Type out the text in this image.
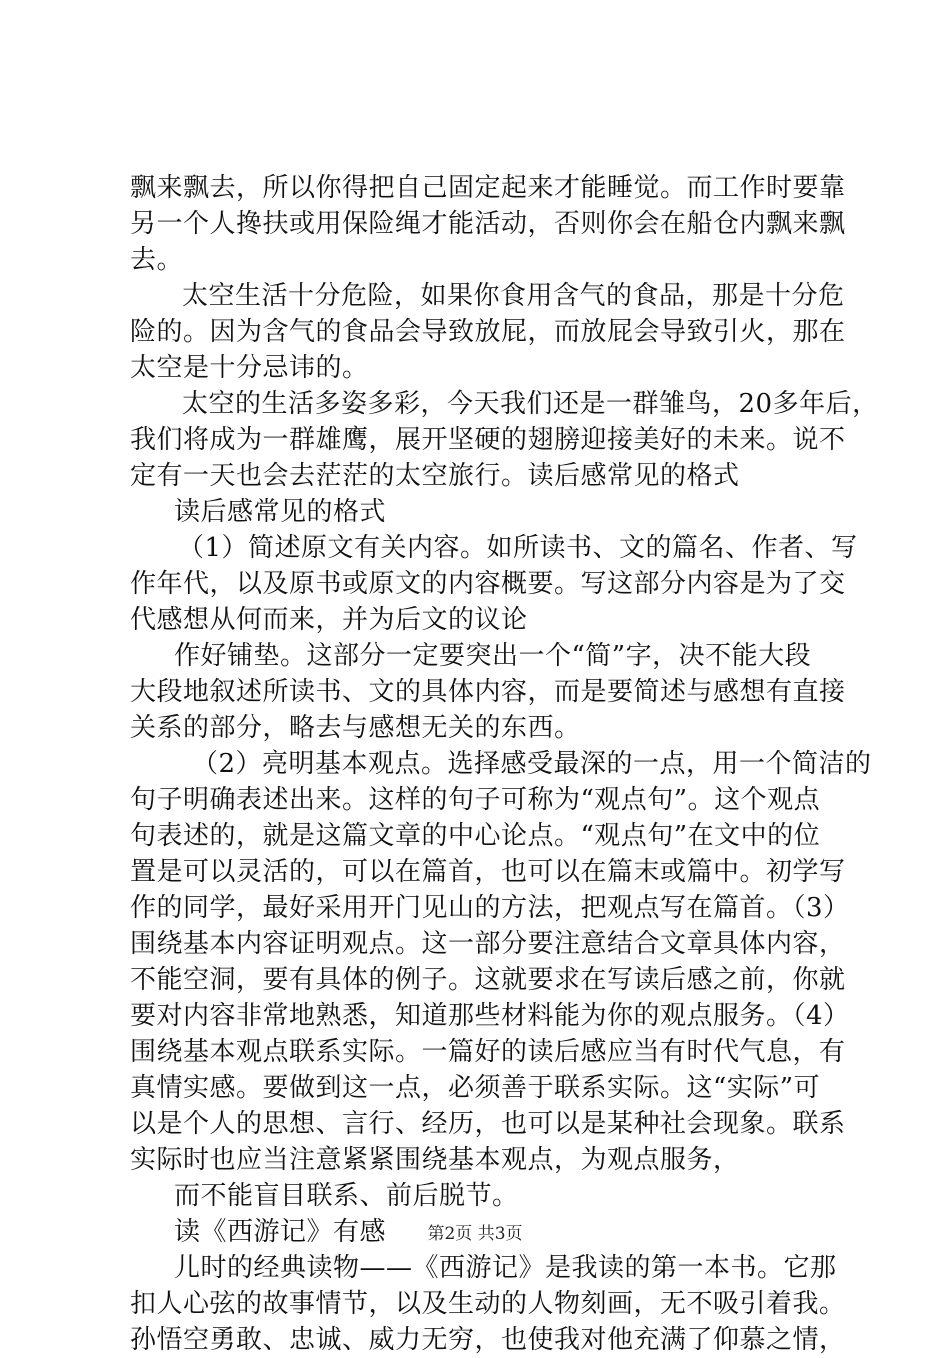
飘来飘去，所以你得把自己固定起来才能睡觉。而工作时要靠
另一个人搀扶或用保险绳才能活动，否则你会在船仓内飘来飘
去。
太空生活十分危险，如果你食用含气的食品，那是十分危
险的。因为含气的食品会导致放屁，而放屁会导致引火，那在
太空是十分忌讳的。
太空的生活多姿多彩，今天我们还是一群雏鸟，20多年后，
我们将成为一群雄鹰，展开坚硬的翅膀迎接美好的未来。说不
定有一天也会去茫茫的太空旅行。读后感常见的格式
读后感常见的格式
（1）简述原文有关内容。如所读书、文的篇名、作者、写
作年代，以及原书或原文的内容概要。写这部分内容是为了交
代感想从何而来，并为后文的议论
作好铺垫。这部分一定要突出一个“简”字，决不能大段
大段地叙述所读书、文的具体内容，而是要简述与感想有直接
关系的部分，略去与感想无关的东西。
（2）亮明基本观点。选择感受最深的一点，用一个简洁的
句子明确表述出来。这样的句子可称为“观点句”。这个观点
句表述的，就是这篇文章的中心论点。“观点句”在文中的位
置是可以灵活的，可以在篇首，也可以在篇末或篇中。初学写
作的同学，最好采用开门见山的方法，把观点写在篇首。（3）
围绕基本内容证明观点。这一部分要注意结合文章具体内容，
不能空洞，要有具体的例子。这就要求在写读后感之前，你就
要对内容非常地熟悉，知道那些材料能为你的观点服务。（4）
围绕基本观点联系实际。一篇好的读后感应当有时代气息，有
真情实感。要做到这一点，必须善于联系实际。这“实际”可
以是个人的思想、言行、经历，也可以是某种社会现象。联系
实际时也应当注意紧紧围绕基本观点，为观点服务，
而不能盲目联系、前后脱节。
读《西游记》有感
儿时的经典读物——《西游记》是我读的第一本书。它那
扣人心弦的故事情节，以及生动的人物刻画，无不吸引着我。
孙悟空勇敢、忠诚、威力无穷，也使我对他充满了仰慕之情，
第2页 共3页
